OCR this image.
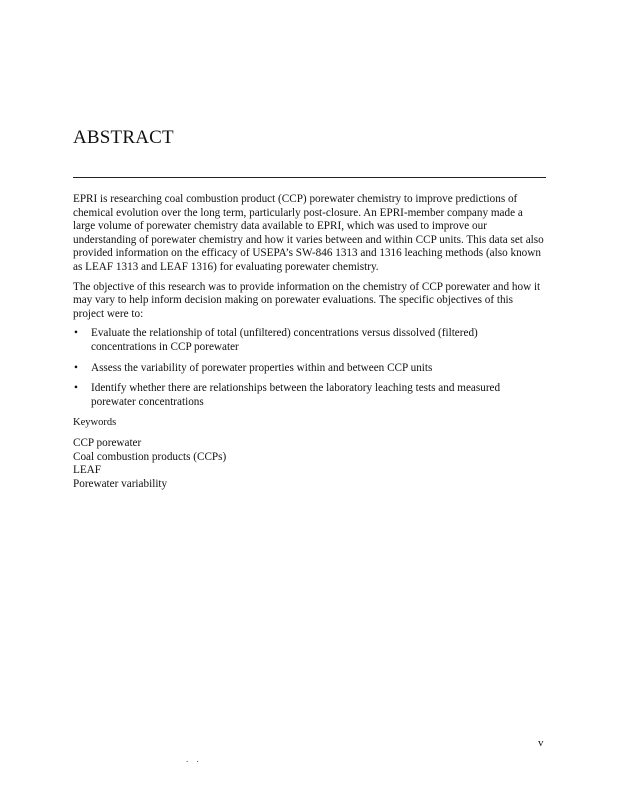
ABSTRACT

EPRI is researching coal combustion product (CCP) porewater chemistry to improve predictions of chemical evolution over the long term, particularly post-closure. An EPRI-member company made a large volume of porewater chemistry data available to EPRI, which was used to improve our understanding of porewater chemistry and how it varies between and within CCP units. This data set also provided information on the efficacy of USEPA’s SW-846 1313 and 1316 leaching methods (also known as LEAF 1313 and LEAF 1316) for evaluating porewater chemistry.

The objective of this research was to provide information on the chemistry of CCP porewater and how it may vary to help inform decision making on porewater evaluations. The specific objectives of this project were to:

• Evaluate the relationship of total (unfiltered) concentrations versus dissolved (filtered) concentrations in CCP porewater
• Assess the variability of porewater properties within and between CCP units
• Identify whether there are relationships between the laboratory leaching tests and measured porewater concentrations
Keywords
CCP porewater
Coal combustion products (CCPs)
LEAF
Porewater variability
v
. .
